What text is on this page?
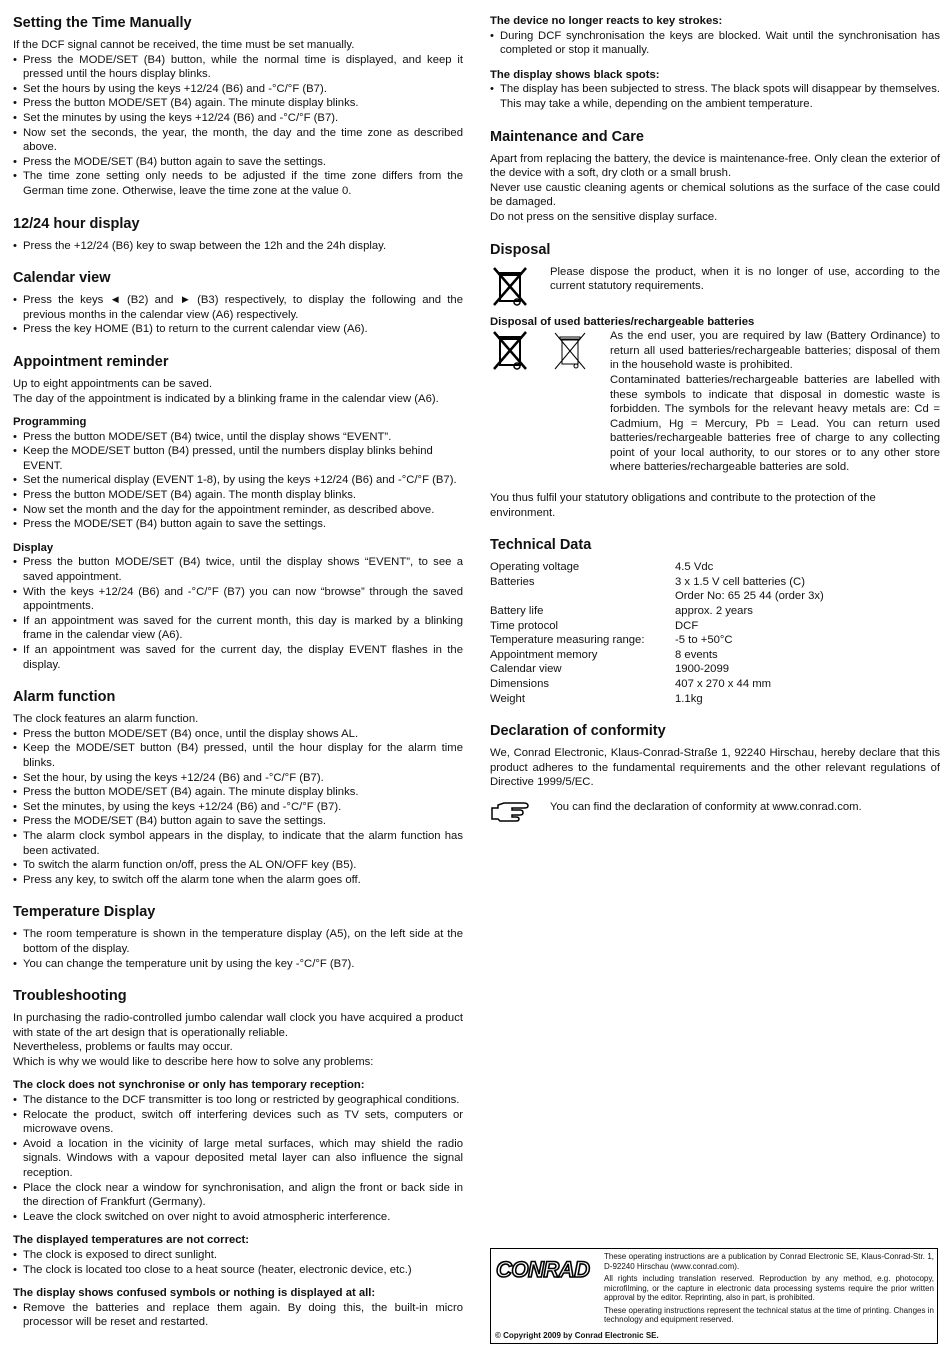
Setting the Time Manually

If the DCF signal cannot be received, the time must be set manually.

• Press the MODE/SET (B4) button, while the normal time is displayed, and keep it pressed until the hours display blinks.
• Set the hours by using the keys +12/24 (B6) and -°C/°F (B7).
• Press the button MODE/SET (B4) again. The minute display blinks.
• Set the minutes by using the keys +12/24 (B6) and -°C/°F (B7).
• Now set the seconds, the year, the month, the day and the time zone as described above.
• Press the MODE/SET (B4) button again to save the settings.
• The time zone setting only needs to be adjusted if the time zone differs from the German time zone. Otherwise, leave the time zone at the value 0.
12/24 hour display
• Press the +12/24 (B6) key to swap between the 12h and the 24h display.
Calendar view
• Press the keys ◄ (B2) and ► (B3) respectively, to display the following and the previous months in the calendar view (A6) respectively.
• Press the key HOME (B1) to return to the current calendar view (A6).
Appointment reminder

Up to eight appointments can be saved.

The day of the appointment is indicated by a blinking frame in the calendar view (A6).

Programming
• Press the button MODE/SET (B4) twice, until the display shows “EVENT”.
• Keep the MODE/SET button (B4) pressed, until the numbers display blinks behind EVENT.
• Set the numerical display (EVENT 1-8), by using the keys +12/24 (B6) and -°C/°F (B7).
• Press the button MODE/SET (B4) again. The month display blinks.
• Now set the month and the day for the appointment reminder, as described above.
• Press the MODE/SET (B4) button again to save the settings.
Display
• Press the button MODE/SET (B4) twice, until the display shows “EVENT”, to see a saved appointment.
• With the keys +12/24 (B6) and -°C/°F (B7) you can now “browse” through the saved appointments.
• If an appointment was saved for the current month, this day is marked by a blinking frame in the calendar view (A6).
• If an appointment was saved for the current day, the display EVENT flashes in the display.
Alarm function

The clock features an alarm function.

• Press the button MODE/SET (B4) once, until the display shows AL.
• Keep the MODE/SET button (B4) pressed, until the hour display for the alarm time blinks.
• Set the hour, by using the keys +12/24 (B6) and -°C/°F (B7).
• Press the button MODE/SET (B4) again. The minute display blinks.
• Set the minutes, by using the keys +12/24 (B6) and -°C/°F (B7).
• Press the MODE/SET (B4) button again to save the settings.
• The alarm clock symbol appears in the display, to indicate that the alarm function has been activated.
• To switch the alarm function on/off, press the AL ON/OFF key (B5).
• Press any key, to switch off the alarm tone when the alarm goes off.
Temperature Display
• The room temperature is shown in the temperature display (A5), on the left side at the bottom of the display.
• You can change the temperature unit by using the key -°C/°F (B7).
Troubleshooting

In purchasing the radio-controlled jumbo calendar wall clock you have acquired a product with state of the art design that is operationally reliable.

Nevertheless, problems or faults may occur.

Which is why we would like to describe here how to solve any problems:

The clock does not synchronise or only has temporary reception:
• The distance to the DCF transmitter is too long or restricted by geographical conditions.
• Relocate the product, switch off interfering devices such as TV sets, computers or microwave ovens.
• Avoid a location in the vicinity of large metal surfaces, which may shield the radio signals. Windows with a vapour deposited metal layer can also influence the signal reception.
• Place the clock near a window for synchronisation, and align the front or back side in the direction of Frankfurt (Germany).
• Leave the clock switched on over night to avoid atmospheric interference.
The displayed temperatures are not correct:
• The clock is exposed to direct sunlight.
• The clock is located too close to a heat source (heater, electronic device, etc.)
The display shows confused symbols or nothing is displayed at all:
• Remove the batteries and replace them again. By doing this, the built-in micro processor will be reset and restarted.
The device no longer reacts to key strokes:
• During DCF synchronisation the keys are blocked. Wait until the synchronisation has completed or stop it manually.
The display shows black spots:
• The display has been subjected to stress. The black spots will disappear by themselves. This may take a while, depending on the ambient temperature.
Maintenance and Care

Apart from replacing the battery, the device is maintenance-free. Only clean the exterior of the device with a soft, dry cloth or a small brush.

Never use caustic cleaning agents or chemical solutions as the surface of the case could be damaged.

Do not press on the sensitive display surface.

Disposal

Please dispose the product, when it is no longer of use, according to the current statutory requirements.

Disposal of used batteries/rechargeable batteries

As the end user, you are required by law (Battery Ordinance) to return all used batteries/rechargeable batteries; disposal of them in the household waste is prohibited.

Contaminated batteries/rechargeable batteries are labelled with these symbols to indicate that disposal in domestic waste is forbidden. The symbols for the relevant heavy metals are: Cd = Cadmium, Hg = Mercury, Pb = Lead. You can return used batteries/rechargeable batteries free of charge to any collecting point of your local authority, to our stores or to any other store where batteries/rechargeable batteries are sold.

You thus fulfil your statutory obligations and contribute to the protection of the environment.

Technical Data
Operating voltage	4.5 Vdc
Batteries	3 x 1.5 V cell batteries (C)
Order No: 65 25 44 (order 3x)
Battery life	approx. 2 years
Time protocol	DCF
Temperature measuring range:	-5 to +50°C
Appointment memory	8 events
Calendar view	1900-2099
Dimensions	407 x 270 x 44 mm
Weight	1.1kg
Declaration of conformity

We, Conrad Electronic, Klaus-Conrad-Straße 1, 92240 Hirschau, hereby declare that this product adheres to the fundamental requirements and the other relevant regulations of Directive 1999/5/EC.

You can find the declaration of conformity at www.conrad.com.

CONRAD

These operating instructions are a publication by Conrad Electronic SE, Klaus-Conrad-Str. 1, D-92240 Hirschau (www.conrad.com).

All rights including translation reserved. Reproduction by any method, e.g. photocopy, microfilming, or the capture in electronic data processing systems require the prior written approval by the editor. Reprinting, also in part, is prohibited.

These operating instructions represent the technical status at the time of printing. Changes in technology and equipment reserved.

© Copyright 2009 by Conrad Electronic SE.
